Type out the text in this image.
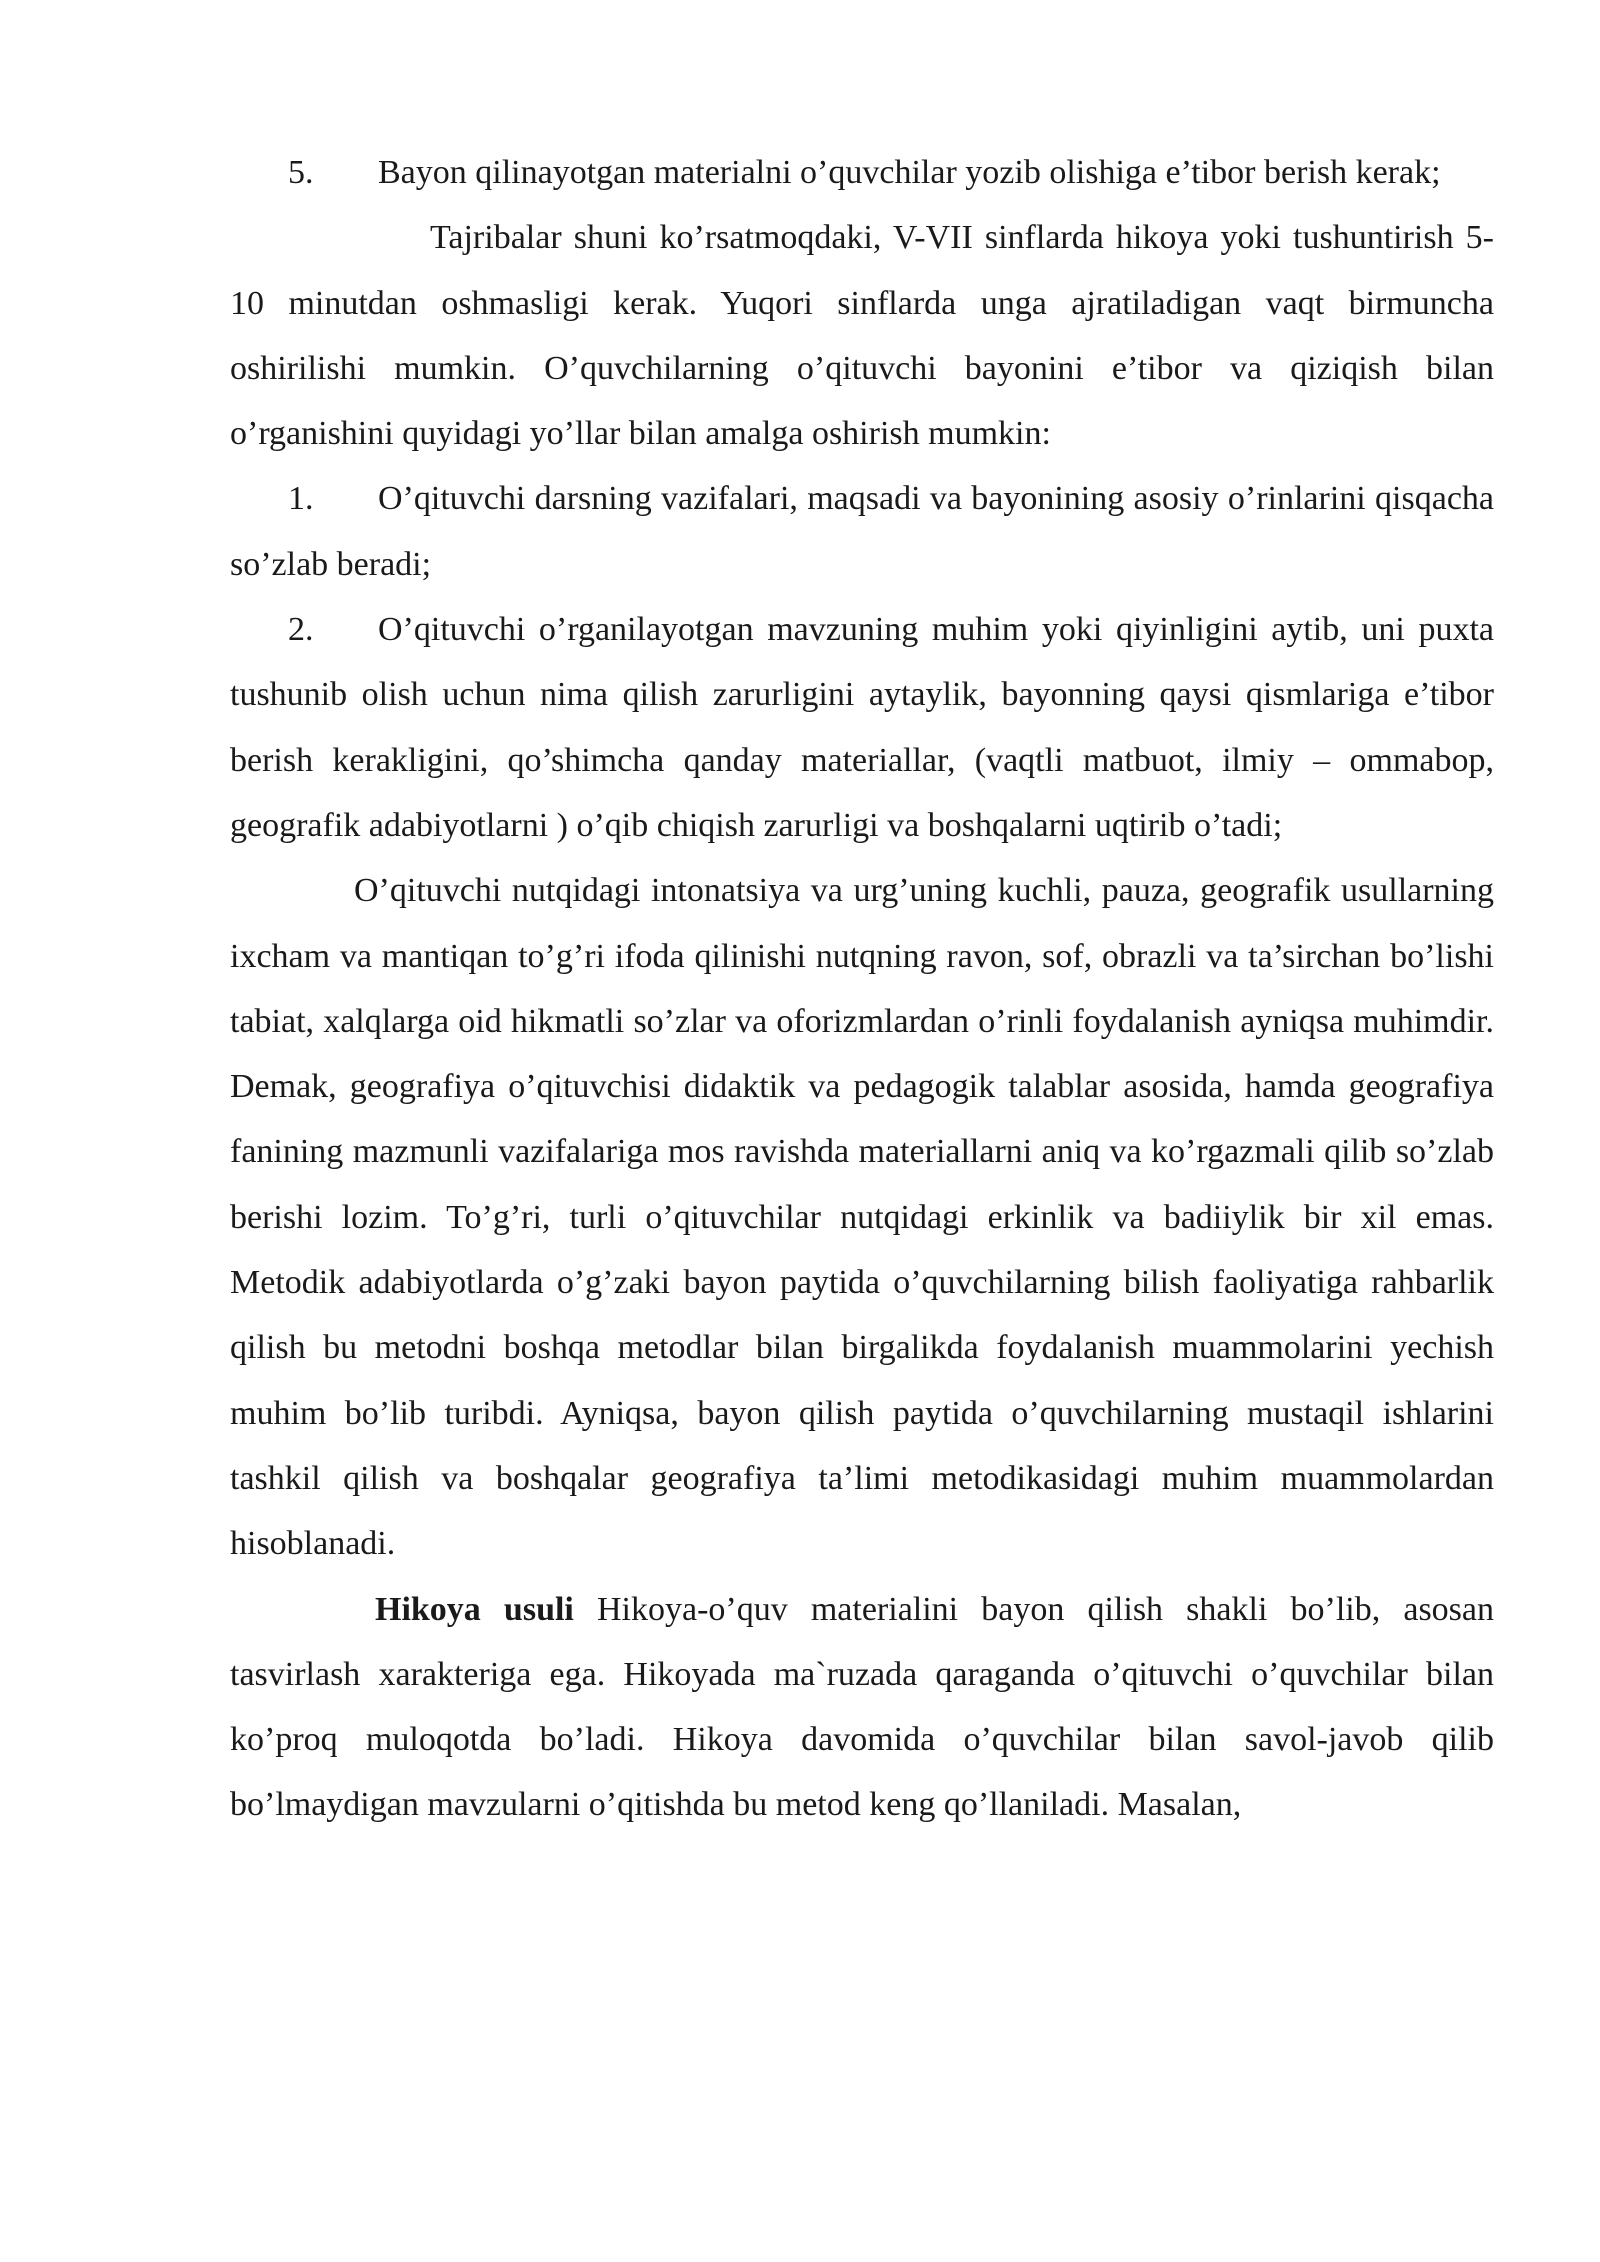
5. Bayon qilinayotgan materialni o’quvchilar yozib olishiga e’tibor berish kerak;

Tajribalar shuni ko’rsatmoqdaki, V-VII sinflarda hikoya yoki tushuntirish 5-10 minutdan oshmasligi kerak. Yuqori sinflarda unga ajratiladigan vaqt birmuncha oshirilishi mumkin. O’quvchilarning o’qituvchi bayonini e’tibor va qiziqish bilan o’rganishini quyidagi yo’llar bilan amalga oshirish mumkin:

1. O’qituvchi darsning vazifalari, maqsadi va bayonining asosiy o’rinlarini qisqacha so’zlab beradi;

2. O’qituvchi o’rganilayotgan mavzuning muhim yoki qiyinligini aytib, uni puxta tushunib olish uchun nima qilish zarurligini aytaylik, bayonning qaysi qismlariga e’tibor berish kerakligini, qo’shimcha qanday materiallar, (vaqtli matbuot, ilmiy – ommabop, geografik adabiyotlarni ) o’qib chiqish zarurligi va boshqalarni uqtirib o’tadi;

O’qituvchi nutqidagi intonatsiya va urg’uning kuchli, pauza, geografik usullarning ixcham va mantiqan to’g’ri ifoda qilinishi nutqning ravon, sof, obrazli va ta’sirchan bo’lishi tabiat, xalqlarga oid hikmatli so’zlar va oforizmlardan o’rinli foydalanish ayniqsa muhimdir. Demak, geografiya o’qituvchisi didaktik va pedagogik talablar asosida, hamda geografiya fanining mazmunli vazifalariga mos ravishda materiallarni aniq va ko’rgazmali qilib so’zlab berishi lozim. To’g’ri, turli o’qituvchilar nutqidagi erkinlik va badiiylik bir xil emas. Metodik adabiyotlarda o’g’zaki bayon paytida o’quvchilarning bilish faoliyatiga rahbarlik qilish bu metodni boshqa metodlar bilan birgalikda foydalanish muammolarini yechish muhim bo’lib turibdi. Ayniqsa, bayon qilish paytida o’quvchilarning mustaqil ishlarini tashkil qilish va boshqalar geografiya ta’limi metodikasidagi muhim muammolardan hisoblanadi.

Hikoya usuli Hikoya-o’quv materialini bayon qilish shakli bo’lib, asosan tasvirlash xarakteriga ega. Hikoyada ma`ruzada qaraganda o’qituvchi o’quvchilar bilan ko’proq muloqotda bo’ladi. Hikoya davomida o’quvchilar bilan savol-javob qilib bo’lmaydigan mavzularni o’qitishda bu metod keng qo’llaniladi. Masalan,
